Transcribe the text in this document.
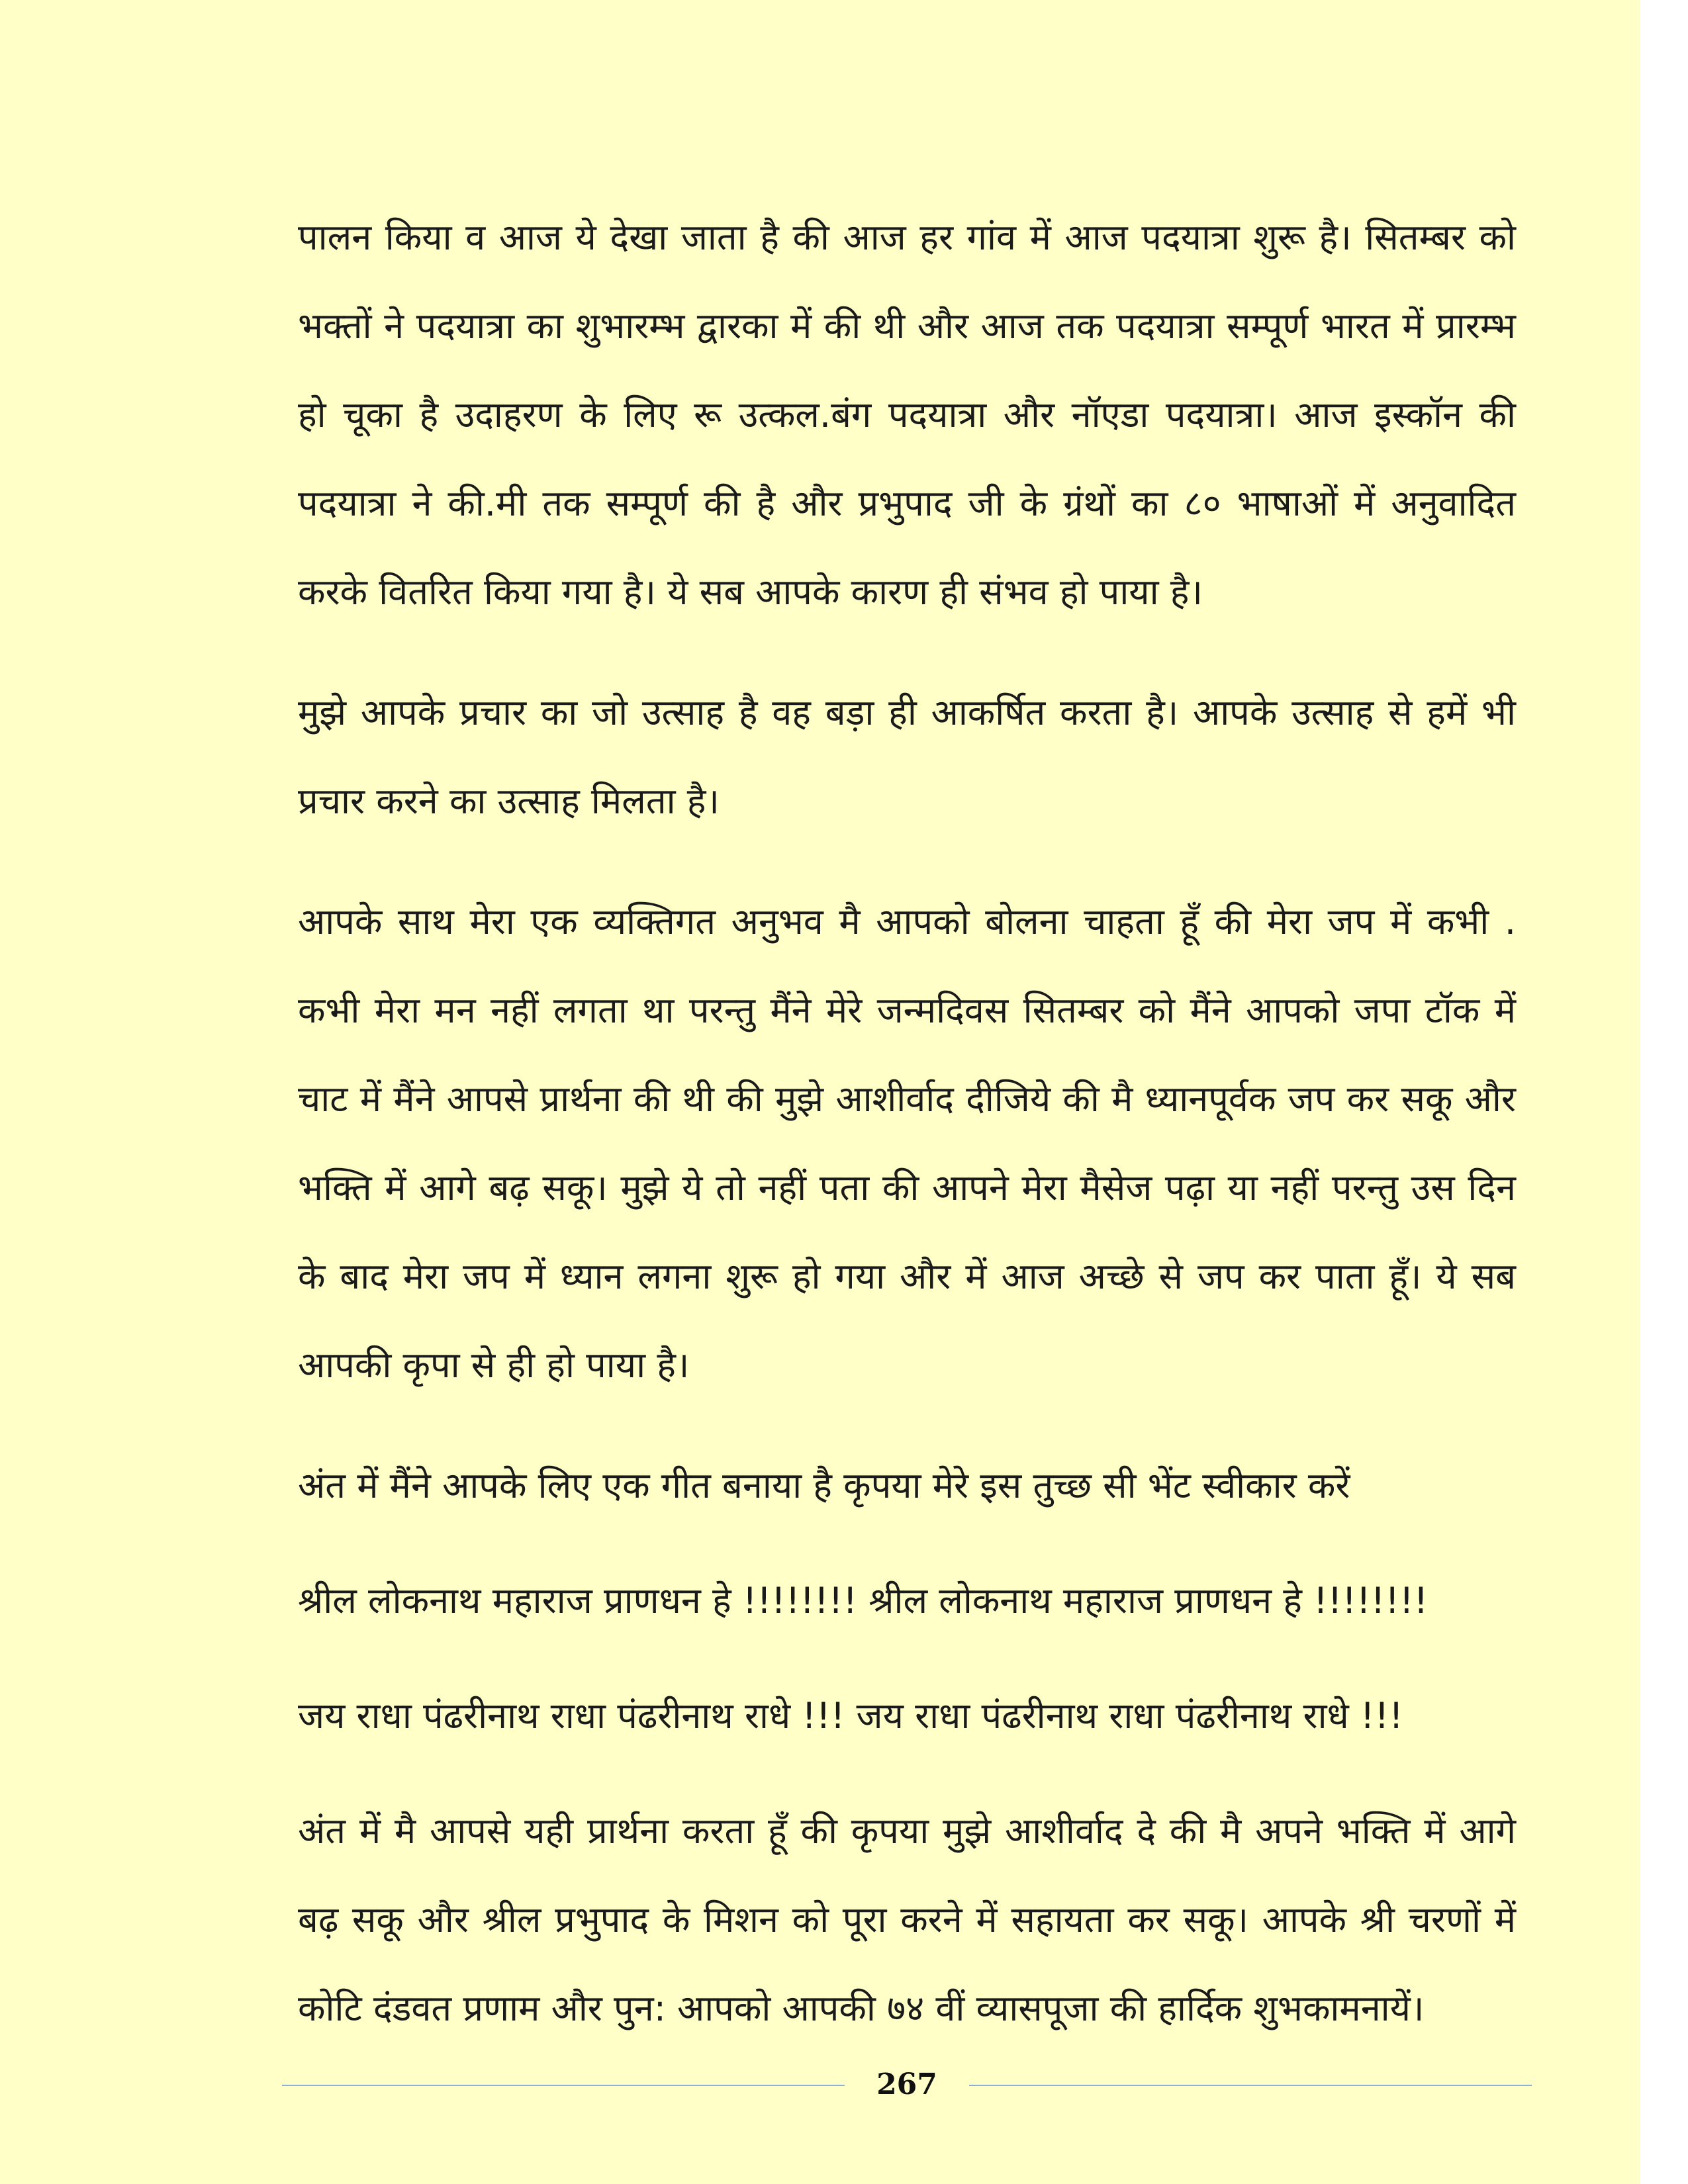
पालन किया व आज ये देखा जाता है की आज हर गांव में आज पदयात्रा शुरू है। सितम्बर को भक्तों ने पदयात्रा का शुभारम्भ द्वारका में की थी और आज तक पदयात्रा सम्पूर्ण भारत में प्रारम्भ हो चूका है उदाहरण के लिए रू उत्कल.बंग पदयात्रा और नॉएडा पदयात्रा। आज इस्कॉन की पदयात्रा ने की.मी तक सम्पूर्ण की है और प्रभुपाद जी के ग्रंथों का ८० भाषाओं में अनुवादित करके वितरित किया गया है। ये सब आपके कारण ही संभव हो पाया है।

मुझे आपके प्रचार का जो उत्साह है वह बड़ा ही आकर्षित करता है। आपके उत्साह से हमें भी प्रचार करने का उत्साह मिलता है।

आपके साथ मेरा एक व्यक्तिगत अनुभव मै आपको बोलना चाहता हूँ की मेरा जप में कभी . कभी मेरा मन नहीं लगता था परन्तु मैंने मेरे जन्मदिवस सितम्बर को मैंने आपको जपा टॉक में चाट में मैंने आपसे प्रार्थना की थी की मुझे आशीर्वाद दीजिये की मै ध्यानपूर्वक जप कर सकू और भक्ति में आगे बढ़ सकू। मुझे ये तो नहीं पता की आपने मेरा मैसेज पढ़ा या नहीं परन्तु उस दिन के बाद मेरा जप में ध्यान लगना शुरू हो गया और में आज अच्छे से जप कर पाता हूँ। ये सब आपकी कृपा से ही हो पाया है।

अंत में मैंने आपके लिए एक गीत बनाया है कृपया मेरे इस तुच्छ सी भेंट स्वीकार करें

श्रील लोकनाथ महाराज प्राणधन हे !!!!!!!! श्रील लोकनाथ महाराज प्राणधन हे !!!!!!!!

जय राधा पंढरीनाथ राधा पंढरीनाथ राधे !!! जय राधा पंढरीनाथ राधा पंढरीनाथ राधे !!!

अंत में मै आपसे यही प्रार्थना करता हूँ की कृपया मुझे आशीर्वाद दे की मै अपने भक्ति में आगे बढ़ सकू और श्रील प्रभुपाद के मिशन को पूरा करने में सहायता कर सकू। आपके श्री चरणों में कोटि दंडवत प्रणाम और पुन: आपको आपकी ७४ वीं व्यासपूजा की हार्दिक शुभकामनायें।

267
